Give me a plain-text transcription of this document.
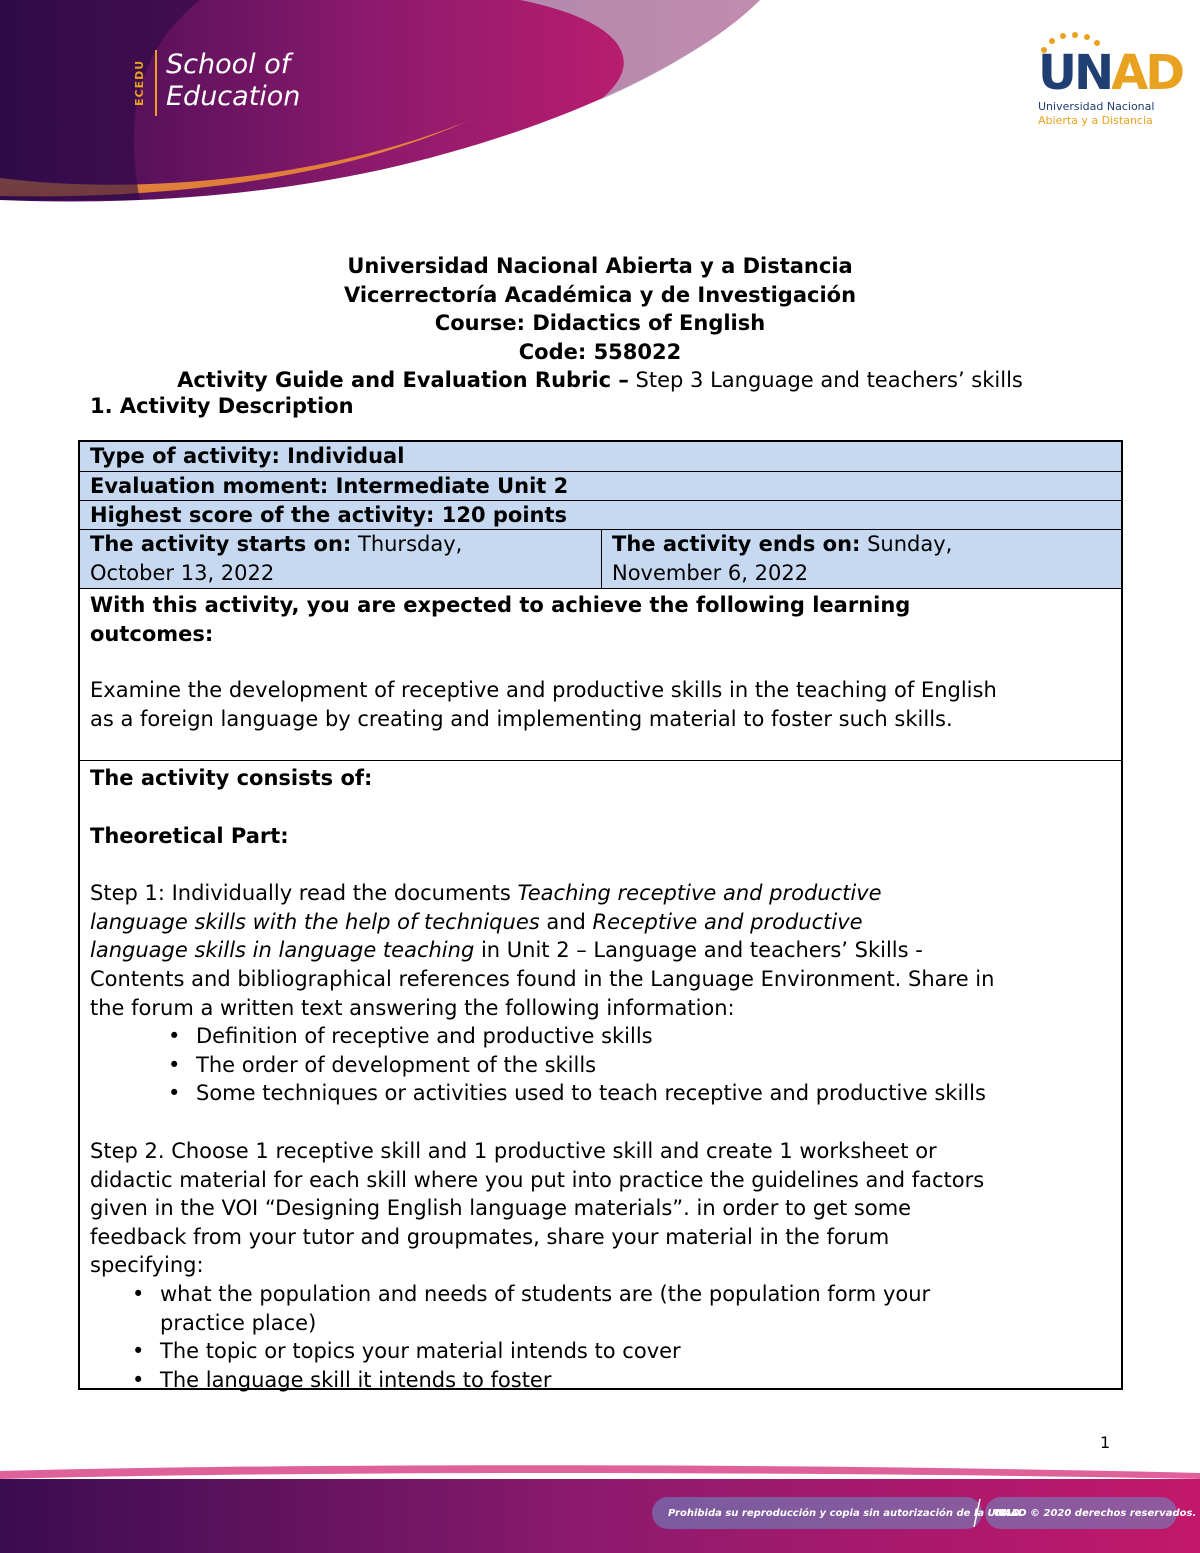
ECEDU School of
Education	UNAD
Universidad Nacional
Abierta y a Distancia
Universidad Nacional Abierta y a Distancia
Vicerrectoría Académica y de Investigación
Course: Didactics of English
Code: 558022
Activity Guide and Evaluation Rubric – Step 3 Language and teachers’ skills
1. Activity Description
Type of activity: Individual
Evaluation moment: Intermediate Unit 2
Highest score of the activity: 120 points
The activity starts on: Thursday,
October 13, 2022
The activity ends on: Sunday,
November 6, 2022
With this activity, you are expected to achieve the following learning
outcomes:
Examine the development of receptive and productive skills in the teaching of English
as a foreign language by creating and implementing material to foster such skills.
The activity consists of:
Theoretical Part:
Step 1: Individually read the documents Teaching receptive and productive
language skills with the help of techniques and Receptive and productive
language skills in language teaching in Unit 2 – Language and teachers’ Skills -
Contents and bibliographical references found in the Language Environment. Share in
the forum a written text answering the following information:
• Definition of receptive and productive skills
• The order of development of the skills
• Some techniques or activities used to teach receptive and productive skills
Step 2. Choose 1 receptive skill and 1 productive skill and create 1 worksheet or
didactic material for each skill where you put into practice the guidelines and factors
given in the VOI “Designing English language materials”. in order to get some
feedback from your tutor and groupmates, share your material in the forum
specifying:
• what the population and needs of students are (the population form your
practice place)
• The topic or topics your material intends to cover
• The language skill it intends to foster
1
Prohibida su reproducción y copia sin autorización de la UNAD.
UNAD © 2020 derechos reservados.
